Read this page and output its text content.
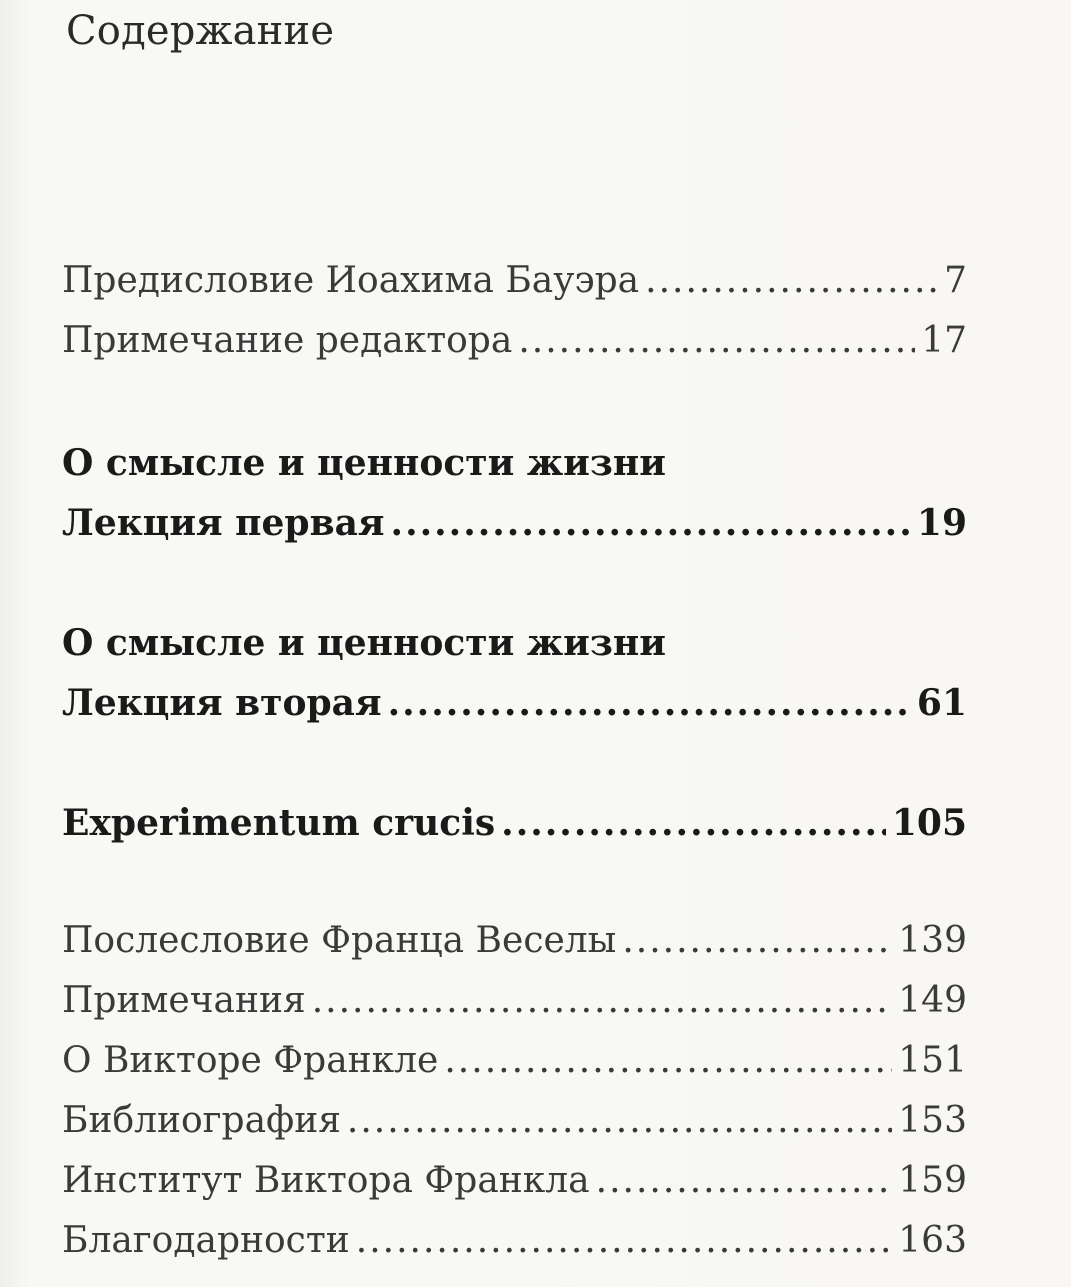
Содержание
Предисловие Иоахима Бауэра .....	7
Примечание редактора .....	17
О смысле и ценности жизни
Лекция первая .....	19
О смысле и ценности жизни
Лекция вторая .....	61
Experimentum crucis .....	105
Послесловие Франца Веселы .....	139
Примечания .....	149
О Викторе Франкле .....	151
Библиография .....	153
Институт Виктора Франкла .....	159
Благодарности .....	163
